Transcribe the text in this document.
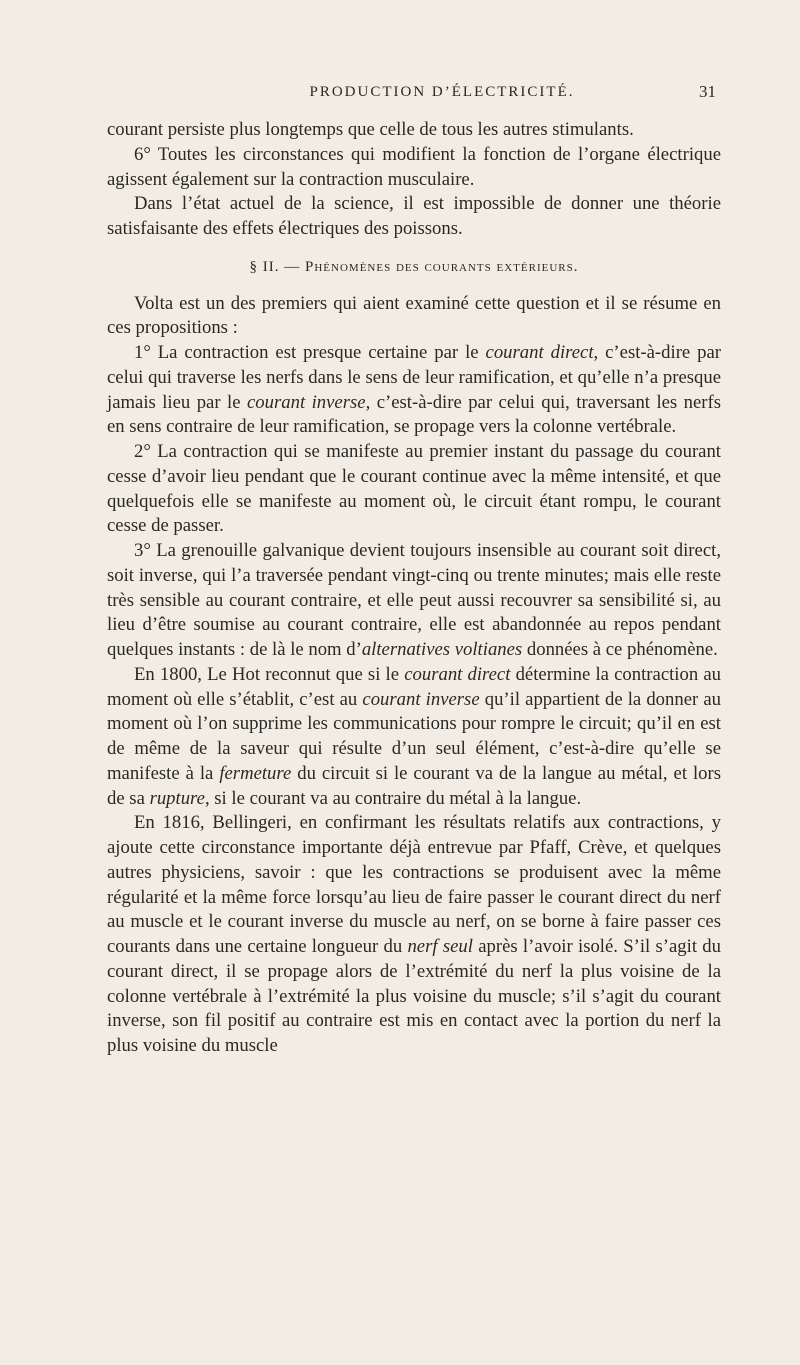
PRODUCTION D’ÉLECTRICITÉ.	31

courant persiste plus longtemps que celle de tous les autres stimulants.

6° Toutes les circonstances qui modifient la fonction de l’organe électrique agissent également sur la contraction musculaire.

Dans l’état actuel de la science, il est impossible de donner une théorie satisfaisante des effets électriques des poissons.

§ II. — Phénomènes des courants extérieurs.

Volta est un des premiers qui aient examiné cette question et il se résume en ces propositions :

1° La contraction est presque certaine par le courant direct, c’est-à-dire par celui qui traverse les nerfs dans le sens de leur ramification, et qu’elle n’a presque jamais lieu par le courant inverse, c’est-à-dire par celui qui, traversant les nerfs en sens contraire de leur ramification, se propage vers la colonne vertébrale.

2° La contraction qui se manifeste au premier instant du passage du courant cesse d’avoir lieu pendant que le courant continue avec la même intensité, et que quelquefois elle se manifeste au moment où, le circuit étant rompu, le courant cesse de passer.

3° La grenouille galvanique devient toujours insensible au courant soit direct, soit inverse, qui l’a traversée pendant vingt-cinq ou trente minutes; mais elle reste très sensible au courant contraire, et elle peut aussi recouvrer sa sensibilité si, au lieu d’être soumise au courant contraire, elle est abandonnée au repos pendant quelques instants : de là le nom d’alternatives voltianes données à ce phénomène.

En 1800, Le Hot reconnut que si le courant direct détermine la contraction au moment où elle s’établit, c’est au courant inverse qu’il appartient de la donner au moment où l’on supprime les communications pour rompre le circuit; qu’il en est de même de la saveur qui résulte d’un seul élément, c’est-à-dire qu’elle se manifeste à la fermeture du circuit si le courant va de la langue au métal, et lors de sa rupture, si le courant va au contraire du métal à la langue.

En 1816, Bellingeri, en confirmant les résultats relatifs aux contractions, y ajoute cette circonstance importante déjà entrevue par Pfaff, Crève, et quelques autres physiciens, savoir : que les contractions se produisent avec la même régularité et la même force lorsqu’au lieu de faire passer le courant direct du nerf au muscle et le courant inverse du muscle au nerf, on se borne à faire passer ces courants dans une certaine longueur du nerf seul après l’avoir isolé. S’il s’agit du courant direct, il se propage alors de l’extrémité du nerf la plus voisine de la colonne vertébrale à l’extrémité la plus voisine du muscle; s’il s’agit du courant inverse, son fil positif au contraire est mis en contact avec la portion du nerf la plus voisine du muscle
